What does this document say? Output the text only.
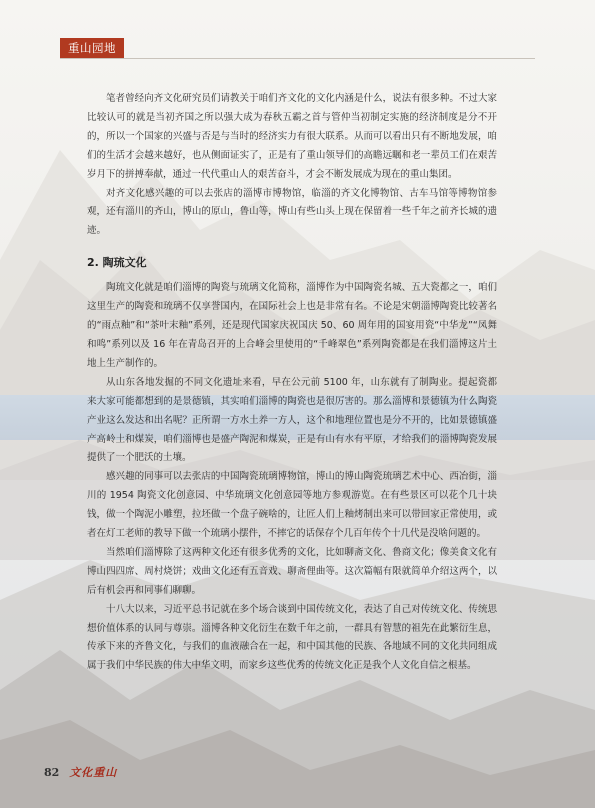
重山园地

笔者曾经向齐文化研究员们请教关于咱们齐文化的文化内涵是什么，说法有很多种。不过大家比较认可的就是当初齐国之所以强大成为春秋五霸之首与管仲当初制定实施的经济制度是分不开的，所以一个国家的兴盛与否是与当时的经济实力有很大联系。从而可以看出只有不断地发展，咱们的生活才会越来越好，也从侧面证实了，正是有了重山领导们的高瞻远瞩和老一辈员工们在艰苦岁月下的拼搏奉献，通过一代代重山人的艰苦奋斗，才会不断发展成为现在的重山集团。

对齐文化感兴趣的可以去张店的淄博市博物馆，临淄的齐文化博物馆、古车马馆等博物馆参观，还有淄川的齐山，博山的原山，鲁山等，博山有些山头上现在保留着一些千年之前齐长城的遗迹。

2. 陶琉文化

陶琉文化就是咱们淄博的陶瓷与琉璃文化简称，淄博作为中国陶瓷名城、五大瓷都之一，咱们这里生产的陶瓷和琉璃不仅享誉国内，在国际社会上也是非常有名。不论是宋朝淄博陶瓷比较著名的“雨点釉”和“茶叶末釉”系列，还是现代国家庆祝国庆 50、60 周年用的国宴用瓷“中华龙”“凤舞和鸣”系列以及 16 年在青岛召开的上合峰会里使用的“千峰翠色”系列陶瓷都是在我们淄博这片土地上生产制作的。

从山东各地发掘的不同文化遗址来看，早在公元前 5100 年，山东就有了制陶业。提起瓷都来大家可能都想到的是景德镇，其实咱们淄博的陶瓷也是很厉害的。那么淄博和景德镇为什么陶瓷产业这么发达和出名呢？正所谓一方水土养一方人，这个和地理位置也是分不开的，比如景德镇盛产高岭土和煤炭，咱们淄博也是盛产陶泥和煤炭，正是有山有水有平原，才给我们的淄博陶瓷发展提供了一个肥沃的土壤。

感兴趣的同事可以去张店的中国陶瓷琉璃博物馆，博山的博山陶瓷琉璃艺术中心、西冶街，淄川的 1954 陶瓷文化创意园、中华琉璃文化创意园等地方参观游览。在有些景区可以花个几十块钱，做一个陶泥小雕塑，拉坯做一个盘子碗啥的，让匠人们上釉烤制出来可以带回家正常使用，或者在灯工老师的教导下做一个琉璃小摆件，不摔它的话保存个几百年传个十几代是没啥问题的。

当然咱们淄博除了这两种文化还有很多优秀的文化，比如聊斋文化、鲁商文化；像美食文化有博山四四席、周村烧饼；戏曲文化还有五音戏、聊斋俚曲等。这次篇幅有限就简单介绍这两个，以后有机会再和同事们聊聊。

十八大以来，习近平总书记就在多个场合谈到中国传统文化，表达了自己对传统文化、传统思想价值体系的认同与尊崇。淄博各种文化衍生在数千年之前，一群具有智慧的祖先在此繁衍生息，传承下来的齐鲁文化，与我们的血液融合在一起，和中国其他的民族、各地域不同的文化共同组成属于我们中华民族的伟大中华文明，而家乡这些优秀的传统文化正是我个人文化自信之根基。

82 文化重山
